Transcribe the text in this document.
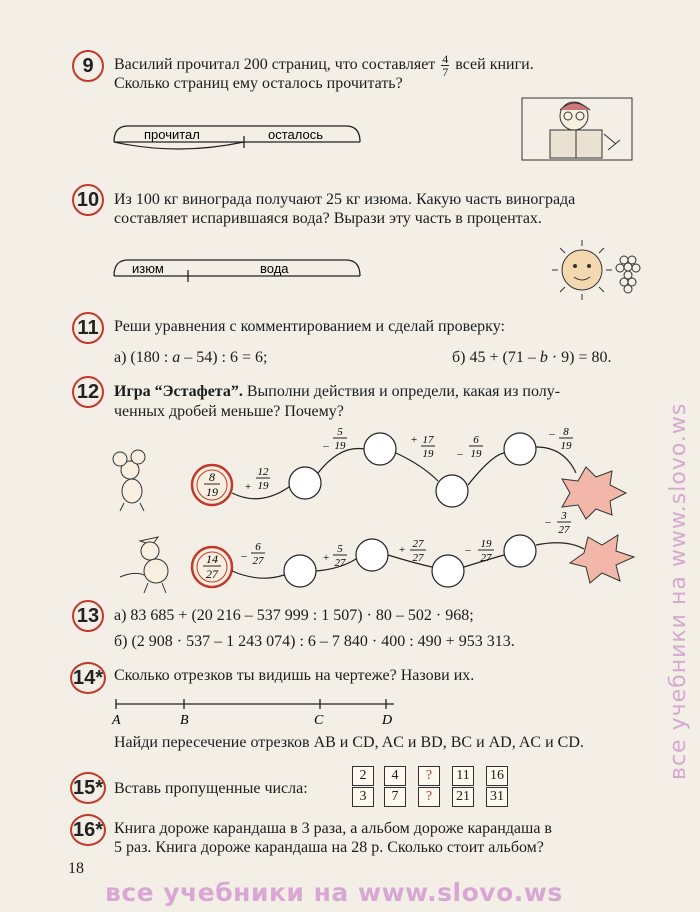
9	Василий прочитал 200 страниц, что составляет $\frac{4}{7}$ всей книги.
Сколько страниц ему осталось прочитать?
прочитал	осталось
10 Из 100 кг винограда получают 25 кг изюма. Какую часть винограда
составляет испарившаяся вода? Вырази эту часть в процентах.
изюм	вода
11 Реши уравнения с комментированием и сделай проверку:
а) (180 : a – 54) : 6 = 6;	б) 45 + (71 – b · 9) = 80.
12 Игра “Эстафета”. Выполни действия и определи, какая из полу-
ченных дробей меньше? Почему?
8
19 +
12
19
–
5
19	+ 17
19 –
6
19
– 8
19
14
27
–
6
27	+
5
27
+ 27
27
– 19
27
– 3
27
13 а) 83 685 + (20 216 – 537 999 : 1 507) · 80 – 502 · 968;
б) (2 908 · 537 – 1 243 074) : 6 – 7 840 · 400 : 490 + 953 313.
14* Сколько отрезков ты видишь на чертеже? Назови их.
A	B	C	D
Найди пересечение отрезков AB и CD, AC и BD, BC и AD, AC и CD.
15* Вставь пропущенные числа:
2	4	?	11	16
3	7	?	21 31
16* Книга дороже карандаша в 3 раза, а альбом дороже карандаша в
5 раз. Книга дороже карандаша на 28 р. Сколько стоит альбом?
18
все учебники на www.slovo.ws
все учебники на www.slovo.ws
